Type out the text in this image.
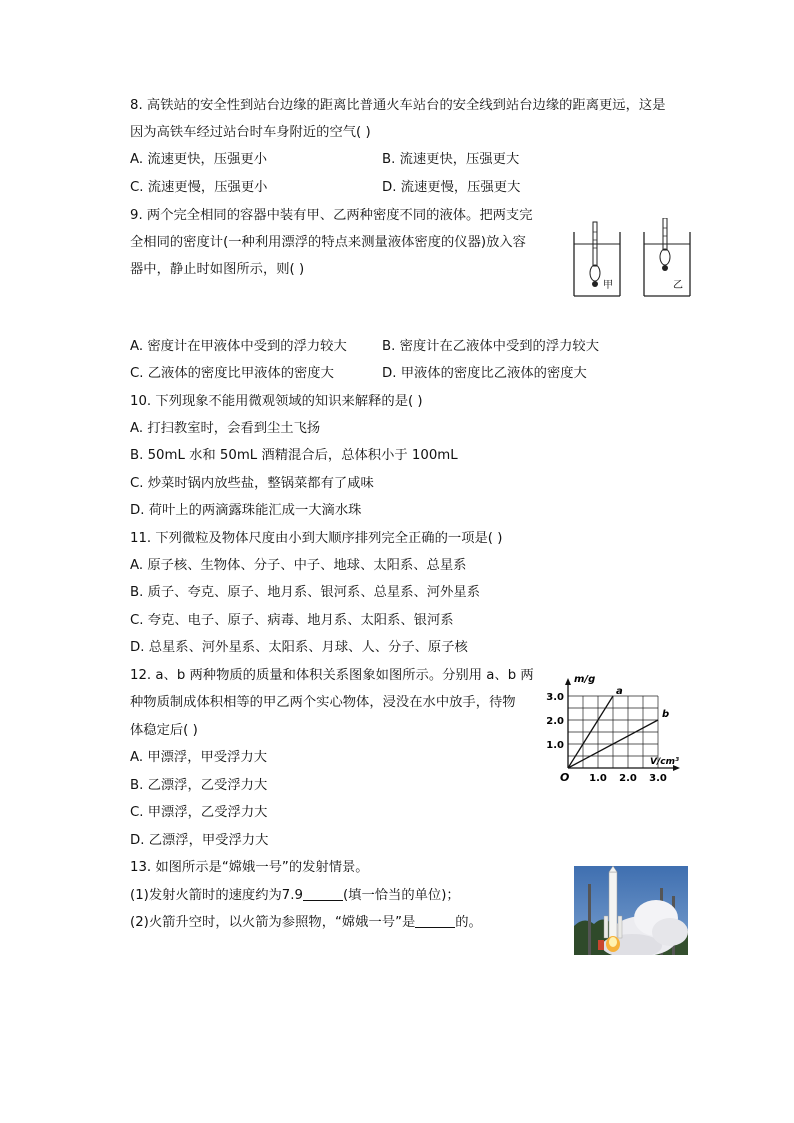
8. 高铁站的安全性到站台边缘的距离比普通火车站台的安全线到站台边缘的距离更远，这是
因为高铁车经过站台时车身附近的空气( )
A. 流速更快，压强更小	B. 流速更快，压强更大
C. 流速更慢，压强更小	D. 流速更慢，压强更大
9. 两个完全相同的容器中装有甲、乙两种密度不同的液体。把两支完
全相同的密度计(一种利用漂浮的特点来测量液体密度的仪器)放入容
器中，静止时如图所示，则( )
甲	乙
A. 密度计在甲液体中受到的浮力较大	B. 密度计在乙液体中受到的浮力较大
C. 乙液体的密度比甲液体的密度大	D. 甲液体的密度比乙液体的密度大
10. 下列现象不能用微观领域的知识来解释的是( )
A. 打扫教室时，会看到尘土飞扬
B. 50mL 水和 50mL 酒精混合后，总体积小于 100mL
C. 炒菜时锅内放些盐，整锅菜都有了咸味
D. 荷叶上的两滴露珠能汇成一大滴水珠
11. 下列微粒及物体尺度由小到大顺序排列完全正确的一项是( )
A. 原子核、生物体、分子、中子、地球、太阳系、总星系
B. 质子、夸克、原子、地月系、银河系、总星系、河外星系
C. 夸克、电子、原子、病毒、地月系、太阳系、银河系
D. 总星系、河外星系、太阳系、月球、人、分子、原子核
12. a、b 两种物质的质量和体积关系图象如图所示。分别用 a、b 两
种物质制成体积相等的甲乙两个实心物体，浸没在水中放手，待物
体稳定后( )
A. 甲漂浮，甲受浮力大
B. 乙漂浮，乙受浮力大
C. 甲漂浮，乙受浮力大
D. 乙漂浮，甲受浮力大
a
b
1.0 2.0 3.0
1.0
2.0
3.0
O
m/g
V/cm³
13. 如图所示是“嫦娥一号”的发射情景。
(1)发射火箭时的速度约为7.9	(填一恰当的单位)；
(2)火箭升空时，以火箭为参照物，“嫦娥一号”是	的。
